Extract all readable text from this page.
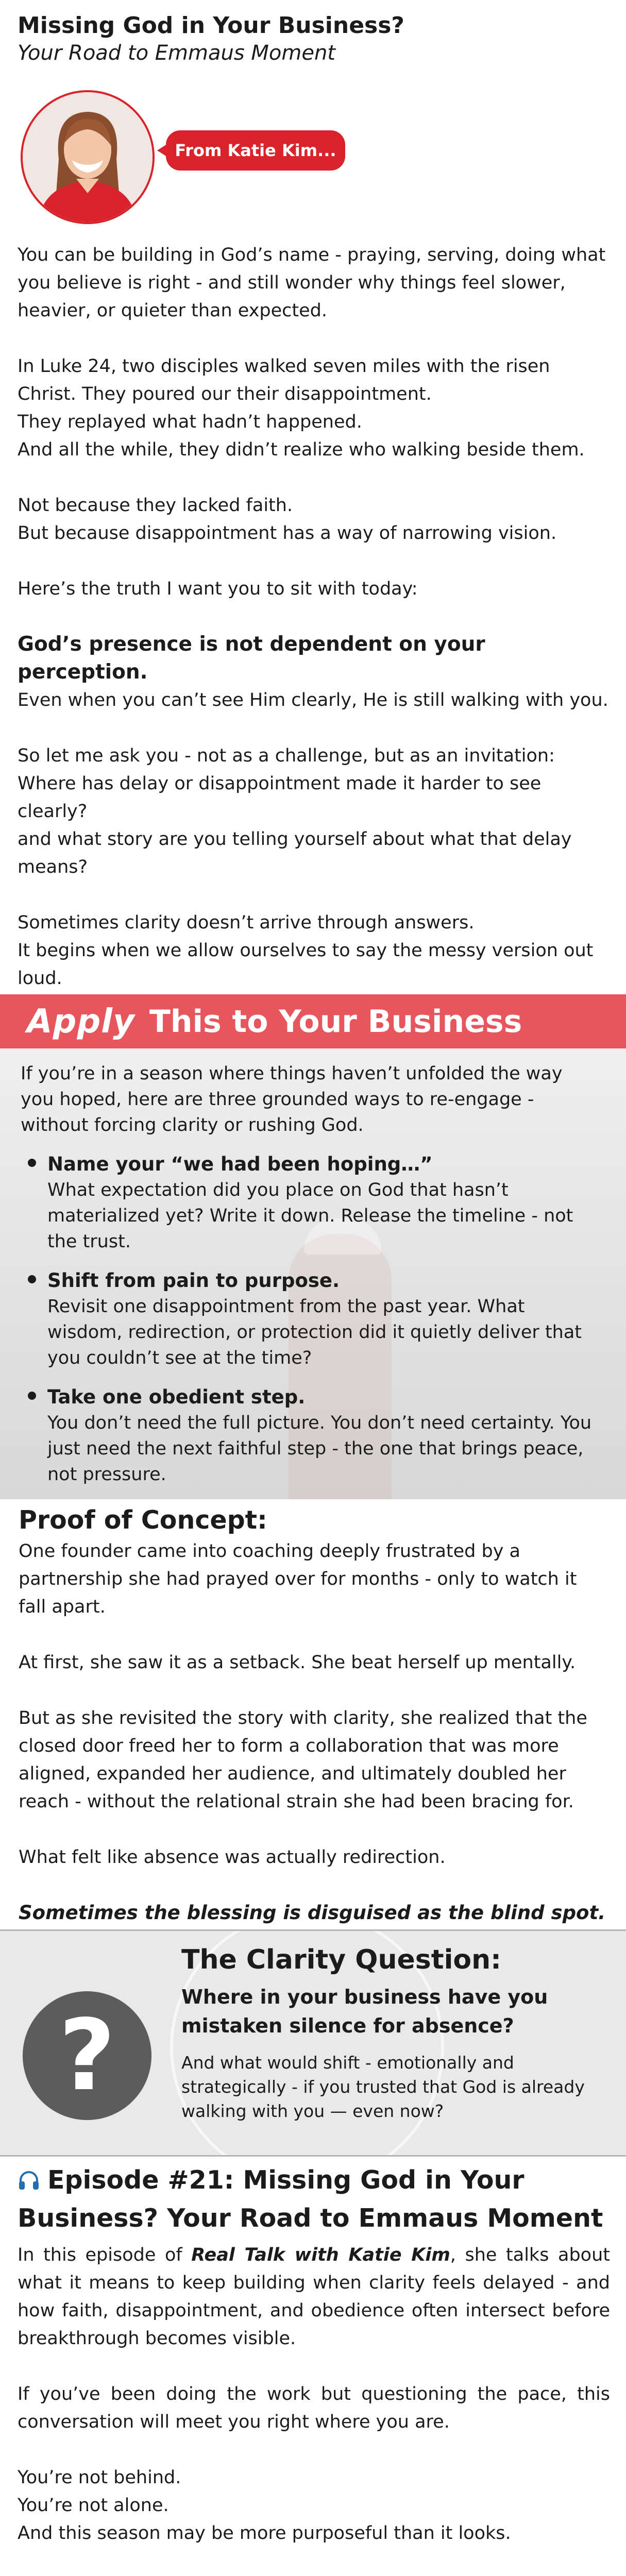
Missing God in Your Business?
Your Road to Emmaus Moment
From Katie Kim...

You can be building in God’s name - praying, serving, doing what you believe is right - and still wonder why things feel slower, heavier, or quieter than expected.

In Luke 24, two disciples walked seven miles with the risen Christ. They poured our their disappointment.

They replayed what hadn’t happened.

And all the while, they didn’t realize who walking beside them.

Not because they lacked faith.

But because disappointment has a way of narrowing vision.

Here’s the truth I want you to sit with today:

God’s presence is not dependent on your perception.

Even when you can’t see Him clearly, He is still walking with you.

So let me ask you - not as a challenge, but as an invitation:

Where has delay or disappointment made it harder to see clearly?

and what story are you telling yourself about what that delay means?

Sometimes clarity doesn’t arrive through answers.

It begins when we allow ourselves to say the messy version out loud.

Apply This to Your Business

If you’re in a season where things haven’t unfolded the way you hoped, here are three grounded ways to re-engage - without forcing clarity or rushing God.

Name your “we had been hoping…”
What expectation did you place on God that hasn’t materialized yet? Write it down. Release the timeline - not the trust.
Shift from pain to purpose.
Revisit one disappointment from the past year. What wisdom, redirection, or protection did it quietly deliver that you couldn’t see at the time?
Take one obedient step.
You don’t need the full picture. You don’t need certainty. You just need the next faithful step - the one that brings peace, not pressure.
Proof of Concept:

One founder came into coaching deeply frustrated by a partnership she had prayed over for months - only to watch it fall apart.

At first, she saw it as a setback. She beat herself up mentally.

But as she revisited the story with clarity, she realized that the closed door freed her to form a collaboration that was more aligned, expanded her audience, and ultimately doubled her reach - without the relational strain she had been bracing for.

What felt like absence was actually redirection.

Sometimes the blessing is disguised as the blind spot.

?
The Clarity Question:
Where in your business have you mistaken silence for absence?
And what would shift - emotionally and strategically - if you trusted that God is already walking with you — even now?
Episode #21: Missing God in Your Business? Your Road to Emmaus Moment

In this episode of Real Talk with Katie Kim, she talks about what it means to keep building when clarity feels delayed - and how faith, disappointment, and obedience often intersect before breakthrough becomes visible.

If you’ve been doing the work but questioning the pace, this conversation will meet you right where you are.

You’re not behind.

You’re not alone.

And this season may be more purposeful than it looks.
